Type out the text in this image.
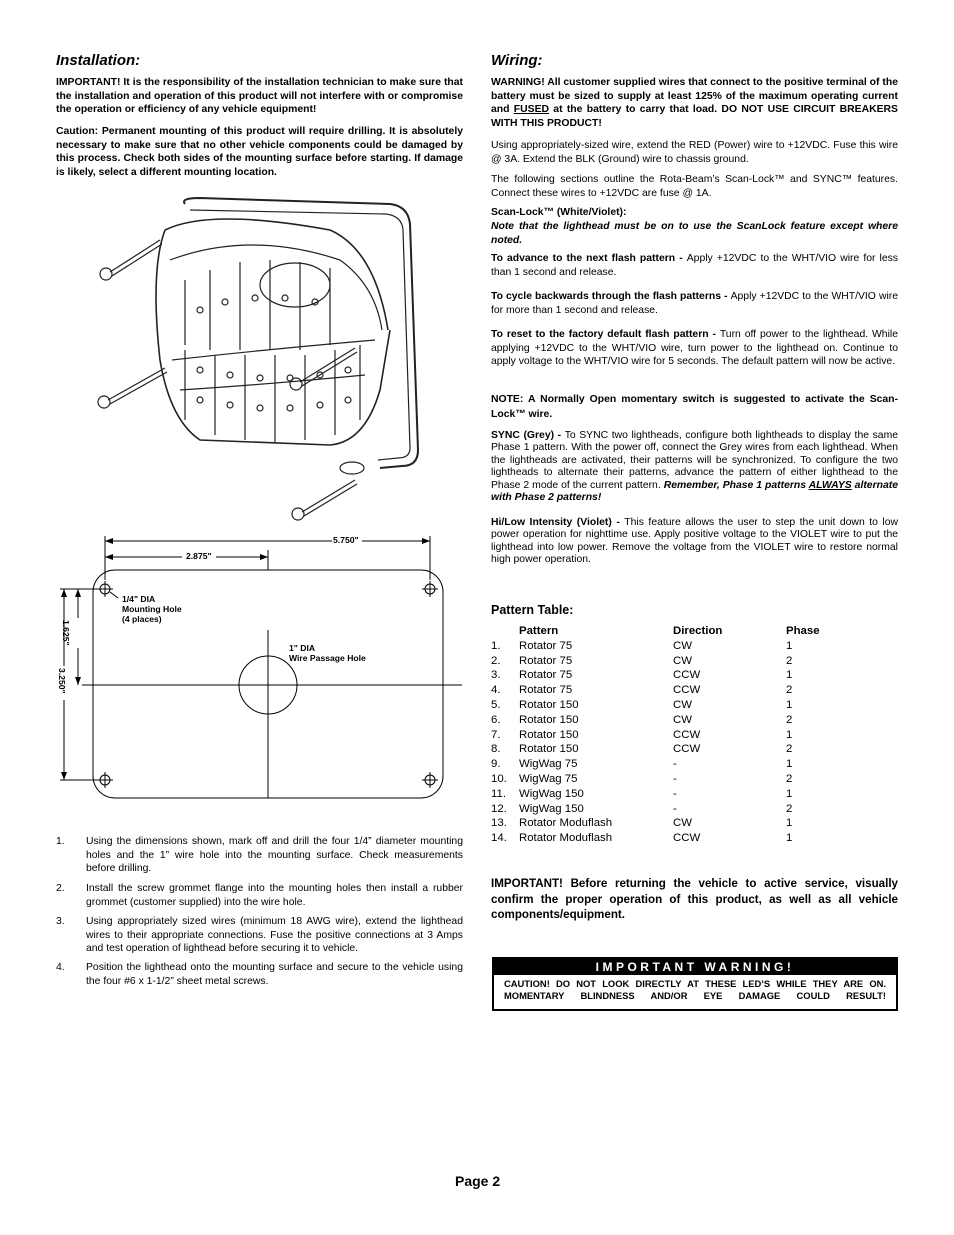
Installation:

IMPORTANT! It is the responsibility of the installation technician to make sure that the installation and operation of this product will not interfere with or compromise the operation or efficiency of any vehicle equipment!

Caution: Permanent mounting of this product will require drilling. It is absolutely necessary to make sure that no other vehicle components could be damaged by this process. Check both sides of the mounting surface before starting. If damage is likely, select a different mounting location.

5.750"
2.875"
1.625"
3.250"
1/4" DIA
Mounting Hole
(4 places)
1" DIA
Wire Passage Hole
1. Using the dimensions shown, mark off and drill the four 1/4” diameter mounting holes and the 1” wire hole into the mounting surface. Check measurements before drilling.
2. Install the screw grommet flange into the mounting holes then install a rubber grommet (customer supplied) into the wire hole.
3. Using appropriately sized wires (minimum 18 AWG wire), extend the lighthead wires to their appropriate connections. Fuse the positive connections at 3 Amps and test operation of lighthead before securing it to vehicle.
4. Position the lighthead onto the mounting surface and secure to the vehicle using the four #6 x 1-1/2” sheet metal screws.
Wiring:

WARNING! All customer supplied wires that connect to the positive terminal of the battery must be sized to supply at least 125% of the maximum operating current and FUSED at the battery to carry that load. DO NOT USE CIRCUIT BREAKERS WITH THIS PRODUCT!

Using appropriately-sized wire, extend the RED (Power) wire to +12VDC. Fuse this wire @ 3A. Extend the BLK (Ground) wire to chassis ground.

The following sections outline the Rota-Beam’s Scan-Lock™ and SYNC™ features. Connect these wires to +12VDC are fuse @ 1A.

Scan-Lock™ (White/Violet):

Note that the lighthead must be on to use the ScanLock feature except where noted.

To advance to the next flash pattern - Apply +12VDC to the WHT/VIO wire for less than 1 second and release.

To cycle backwards through the flash patterns - Apply +12VDC to the WHT/VIO wire for more than 1 second and release.

To reset to the factory default flash pattern - Turn off power to the lighthead. While applying +12VDC to the WHT/VIO wire, turn power to the lighthead on. Continue to apply voltage to the WHT/VIO wire for 5 seconds. The default pattern will now be active.

NOTE: A Normally Open momentary switch is suggested to activate the Scan-Lock™ wire.

SYNC (Grey) - To SYNC two lightheads, configure both lightheads to display the same Phase 1 pattern. With the power off, connect the Grey wires from each lighthead. When the lightheads are activated, their patterns will be synchronized. To configure the two lightheads to alternate their patterns, advance the pattern of either lighthead to the Phase 2 mode of the current pattern. Remember, Phase 1 patterns ALWAYS alternate with Phase 2 patterns!

Hi/Low Intensity (Violet) - This feature allows the user to step the unit down to low power operation for nighttime use. Apply positive voltage to the VIOLET wire to put the lighthead into low power. Remove the voltage from the VIOLET wire to restore normal high power operation.

Pattern Table:
Pattern	Direction	Phase
1. Rotator 75	CW	1
2. Rotator 75	CW	2
3. Rotator 75	CCW	1
4. Rotator 75	CCW	2
5. Rotator 150	CW	1
6. Rotator 150	CW	2
7. Rotator 150	CCW	1
8. Rotator 150	CCW	2
9. WigWag 75	-	1
10. WigWag 75	-	2
11. WigWag 150	-	1
12. WigWag 150	-	2
13. Rotator Moduflash	CW	1
14. Rotator Moduflash	CCW	1

IMPORTANT! Before returning the vehicle to active service, visually confirm the proper operation of this product, as well as all vehicle components/equipment.

IMPORTANT WARNING!
CAUTION! DO NOT LOOK DIRECTLY AT THESE LED’S WHILE THEY ARE ON.
MOMENTARY BLINDNESS AND/OR EYE DAMAGE COULD RESULT!
Page 2
